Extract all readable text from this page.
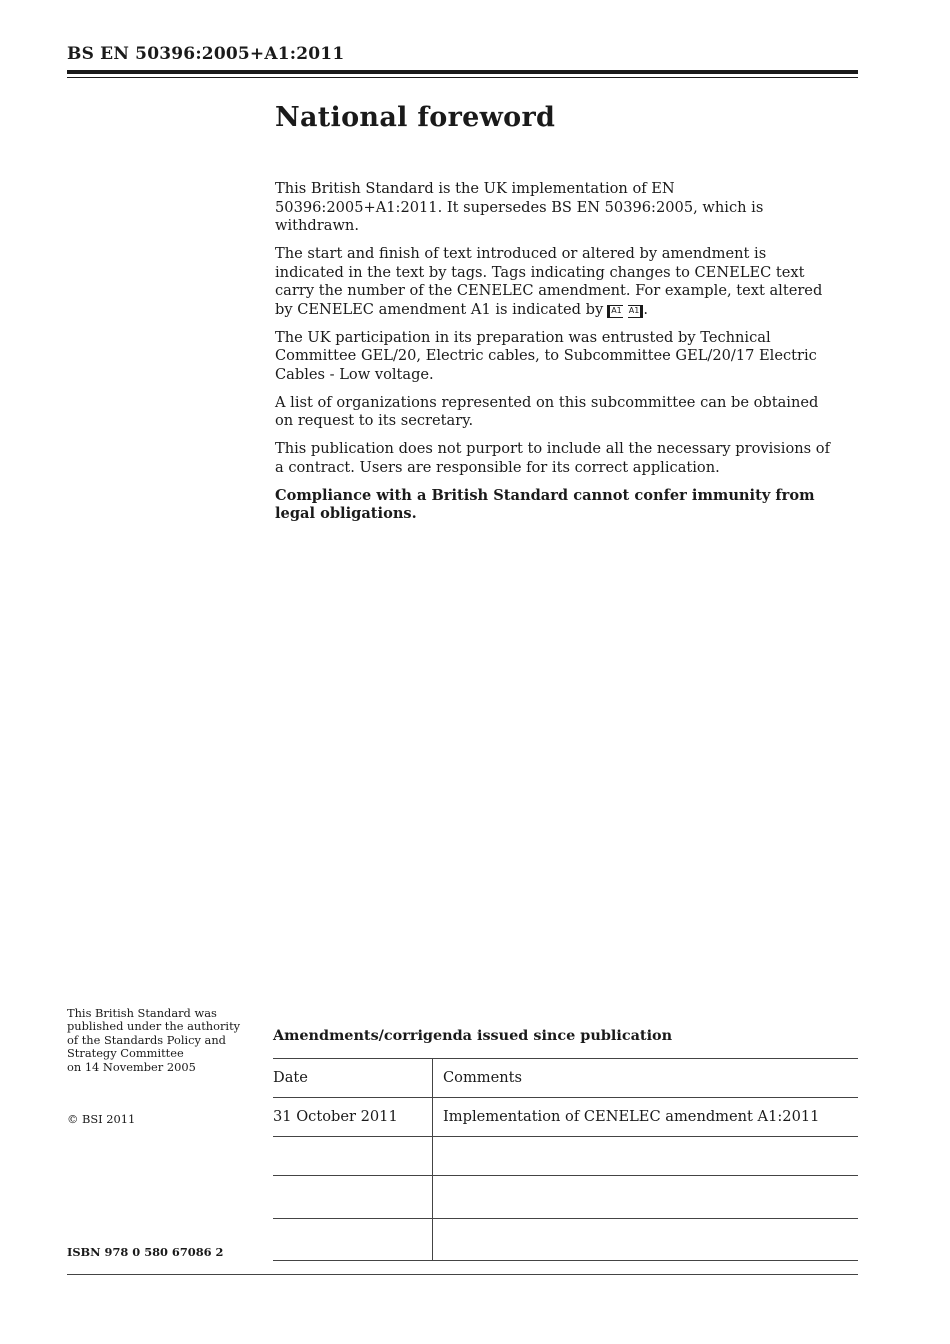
BS EN 50396:2005+A1:2011
National foreword

This British Standard is the UK implementation of EN 50396:2005+A1:2011. It supersedes BS EN 50396:2005, which is withdrawn.

The start and finish of text introduced or altered by amendment is indicated in the text by tags. Tags indicating changes to CENELEC text carry the number of the CENELEC amendment. For example, text altered by CENELEC amendment A1 is indicated by A1 A1 .

The UK participation in its preparation was entrusted by Technical Committee GEL/20, Electric cables, to Subcommittee GEL/20/17 Electric Cables - Low voltage.

A list of organizations represented on this subcommittee can be obtained on request to its secretary.

This publication does not purport to include all the necessary provisions of a contract. Users are responsible for its correct application.

Compliance with a British Standard cannot confer immunity from legal obligations.

This British Standard was
published under the authority
of the Standards Policy and
Strategy Committee
on 14 November 2005
© BSI 2011
ISBN 978 0 580 67086 2
Amendments/corrigenda issued since publication
Date	Comments
31 October 2011	Implementation of CENELEC amendment A1:2011
